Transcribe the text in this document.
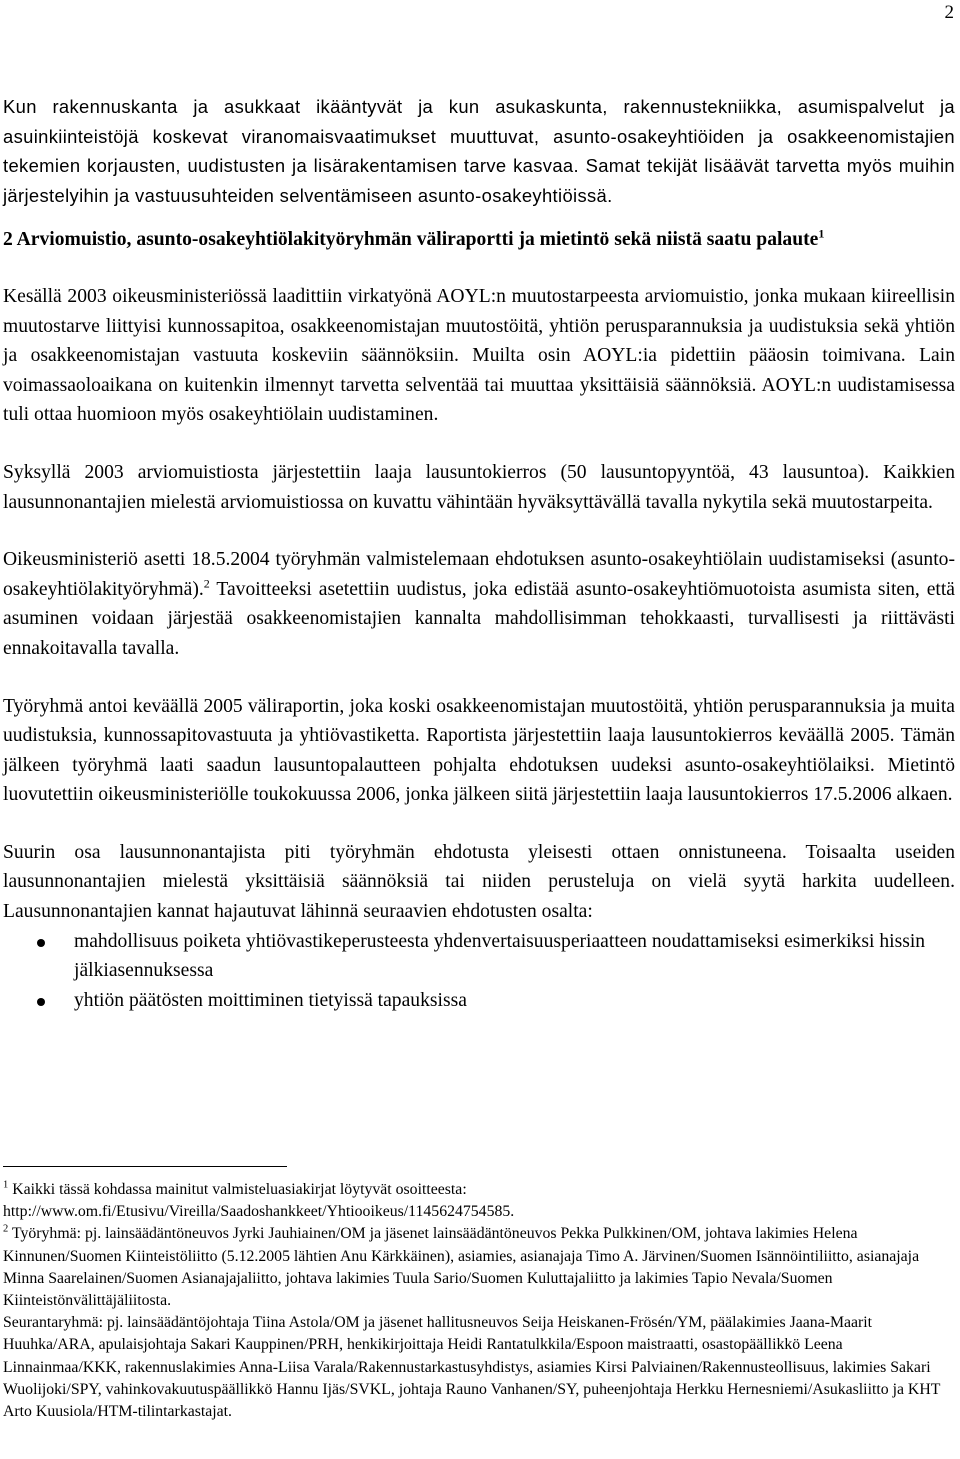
2

Kun rakennuskanta ja asukkaat ikääntyvät ja kun asukaskunta, rakennustekniikka, asumispalvelut ja asuinkiinteistöjä koskevat viranomaisvaatimukset muuttuvat, asunto-osakeyhtiöiden ja osakkeenomistajien tekemien korjausten, uudistusten ja lisärakentamisen tarve kasvaa. Samat tekijät lisäävät tarvetta myös muihin järjestelyihin ja vastuusuhteiden selventämiseen asunto-osakeyhtiöissä.

2 Arviomuistio, asunto-osakeyhtiölakityöryhmän väliraportti ja mietintö sekä niistä saatu palaute$^1$

Kesällä 2003 oikeusministeriössä laadittiin virkatyönä AOYL:n muutostarpeesta arviomuistio, jonka mukaan kiireellisin muutostarve liittyisi kunnossapitoa, osakkeenomistajan muutostöitä, yhtiön perusparannuksia ja uudistuksia sekä yhtiön ja osakkeenomistajan vastuuta koskeviin säännöksiin. Muilta osin AOYL:ia pidettiin pääosin toimivana. Lain voimassaoloaikana on kuitenkin ilmennyt tarvetta selventää tai muuttaa yksittäisiä säännöksiä. AOYL:n uudistamisessa tuli ottaa huomioon myös osakeyhtiölain uudistaminen.

Syksyllä 2003 arviomuistiosta järjestettiin laaja lausuntokierros (50 lausuntopyyntöä, 43 lausuntoa). Kaikkien lausunnonantajien mielestä arviomuistiossa on kuvattu vähintään hyväksyttävällä tavalla nykytila sekä muutostarpeita.

Oikeusministeriö asetti 18.5.2004 työryhmän valmistelemaan ehdotuksen asunto-osakeyhtiölain uudistamiseksi (asunto-osakeyhtiölakityöryhmä).$^2$ Tavoitteeksi asetettiin uudistus, joka edistää asunto-osakeyhtiömuotoista asumista siten, että asuminen voidaan järjestää osakkeenomistajien kannalta mahdollisimman tehokkaasti, turvallisesti ja riittävästi ennakoitavalla tavalla.

Työryhmä antoi keväällä 2005 väliraportin, joka koski osakkeenomistajan muutostöitä, yhtiön perusparannuksia ja muita uudistuksia, kunnossapitovastuuta ja yhtiövastiketta. Raportista järjestettiin laaja lausuntokierros keväällä 2005. Tämän jälkeen työryhmä laati saadun lausuntopalautteen pohjalta ehdotuksen uudeksi asunto-osakeyhtiölaiksi. Mietintö luovutettiin oikeusministeriölle toukokuussa 2006, jonka jälkeen siitä järjestettiin laaja lausuntokierros 17.5.2006 alkaen.

Suurin osa lausunnonantajista piti työryhmän ehdotusta yleisesti ottaen onnistuneena. Toisaalta useiden lausunnonantajien mielestä yksittäisiä säännöksiä tai niiden perusteluja on vielä syytä harkita uudelleen. Lausunnonantajien kannat hajautuvat lähinnä seuraavien ehdotusten osalta:

mahdollisuus poiketa yhtiövastikeperusteesta yhdenvertaisuusperiaatteen noudattamiseksi esimerkiksi hissin jälkiasennuksessa
yhtiön päätösten moittiminen tietyissä tapauksissa

$^1$ Kaikki tässä kohdassa mainitut valmisteluasiakirjat löytyvät osoitteesta:

http://www.om.fi/Etusivu/Vireilla/Saadoshankkeet/Yhtiooikeus/1145624754585.

$^2$ Työryhmä: pj. lainsäädäntöneuvos Jyrki Jauhiainen/OM ja jäsenet lainsäädäntöneuvos Pekka Pulkkinen/OM, johtava lakimies Helena Kinnunen/Suomen Kiinteistöliitto (5.12.2005 lähtien Anu Kärkkäinen), asiamies, asianajaja Timo A. Järvinen/Suomen Isännöintiliitto, asianajaja Minna Saarelainen/Suomen Asianajajaliitto, johtava lakimies Tuula Sario/Suomen Kuluttajaliitto ja lakimies Tapio Nevala/Suomen Kiinteistönvälittäjäliitosta.

Seurantaryhmä: pj. lainsäädäntöjohtaja Tiina Astola/OM ja jäsenet hallitusneuvos Seija Heiskanen-Frösén/YM, päälakimies Jaana-Maarit Huuhka/ARA, apulaisjohtaja Sakari Kauppinen/PRH, henkikirjoittaja Heidi Rantatulkkila/Espoon maistraatti, osastopäällikkö Leena Linnainmaa/KKK, rakennuslakimies Anna-Liisa Varala/Rakennustarkastusyhdistys, asiamies Kirsi Palviainen/Rakennusteollisuus, lakimies Sakari Wuolijoki/SPY, vahinkovakuutuspäällikkö Hannu Ijäs/SVKL, johtaja Rauno Vanhanen/SY, puheenjohtaja Herkku Hernesniemi/Asukasliitto ja KHT Arto Kuusiola/HTM-tilintarkastajat.
